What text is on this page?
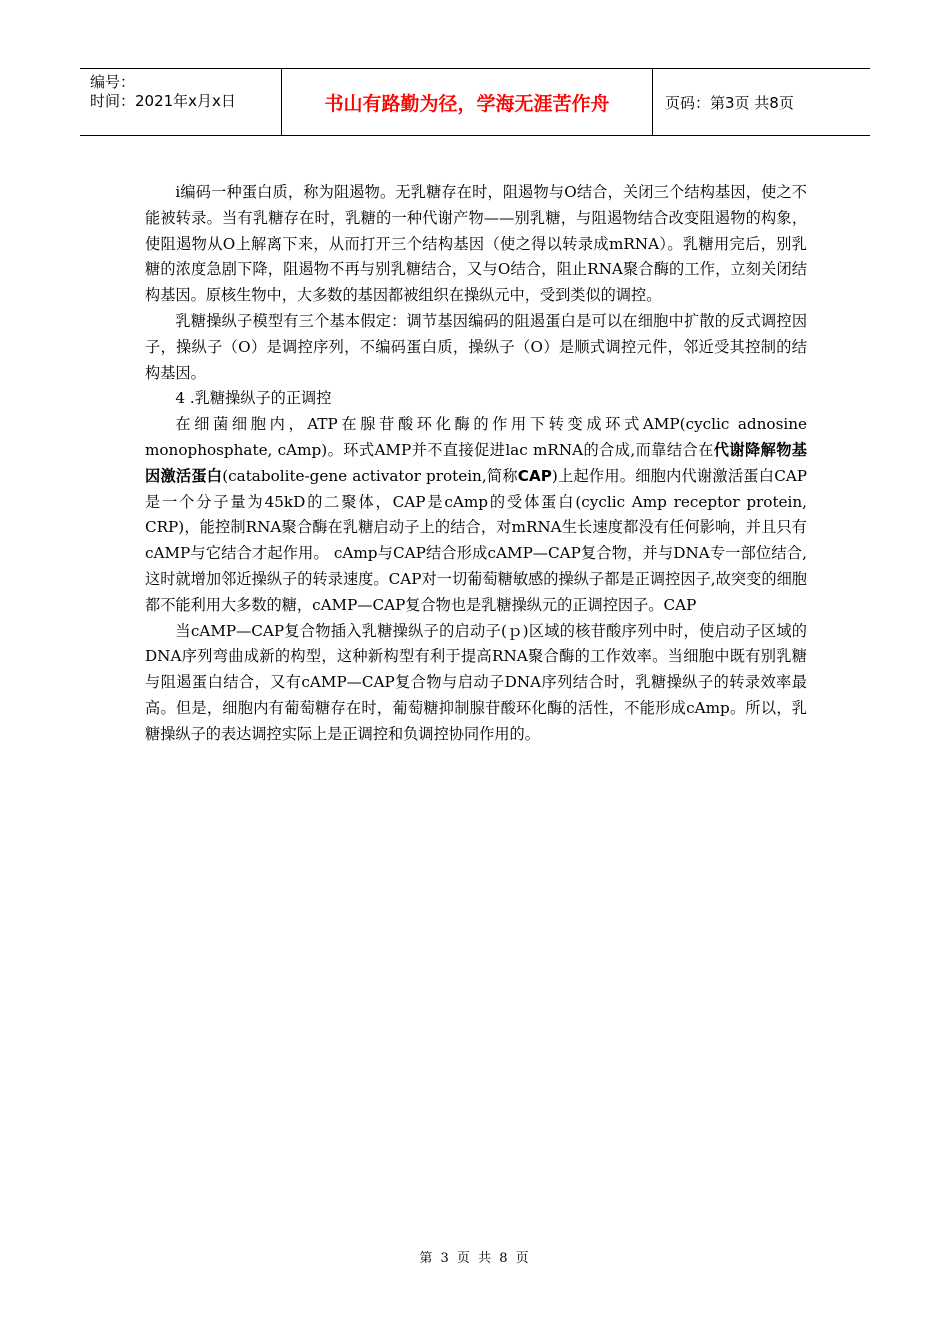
编号：
时间：2021年x月x日	书山有路勤为径，学海无涯苦作舟	页码：第3页 共8页

i编码一种蛋白质，称为阻遏物。无乳糖存在时，阻遏物与O结合，关闭三个结构基因，使之不能被转录。当有乳糖存在时，乳糖的一种代谢产物——别乳糖，与阻遏物结合改变阻遏物的构象，使阻遏物从O上解离下来，从而打开三个结构基因（使之得以转录成mRNA）。乳糖用完后，别乳糖的浓度急剧下降，阻遏物不再与别乳糖结合，又与O结合，阻止RNA聚合酶的工作，立刻关闭结构基因。原核生物中，大多数的基因都被组织在操纵元中，受到类似的调控。

乳糖操纵子模型有三个基本假定：调节基因编码的阻遏蛋白是可以在细胞中扩散的反式调控因子，操纵子（O）是调控序列，不编码蛋白质，操纵子（O）是顺式调控元件，邻近受其控制的结构基因。

4 .乳糖操纵子的正调控

在细菌细胞内，ATP在腺苷酸环化酶的作用下转变成环式AMP(cyclic adnosine monophosphate, cAmp)。环式AMP并不直接促进lac mRNA的合成,而靠结合在代谢降解物基因激活蛋白(catabolite-gene activator protein,简称CAP)上起作用。细胞内代谢激活蛋白CAP是一个分子量为45kD的二聚体，CAP是cAmp的受体蛋白(cyclic Amp receptor protein, CRP)，能控制RNA聚合酶在乳糖启动子上的结合，对mRNA生长速度都没有任何影响，并且只有cAMP与它结合才起作用。 cAmp与CAP结合形成cAMP—CAP复合物，并与DNA专一部位结合,这时就增加邻近操纵子的转录速度。CAP对一切葡萄糖敏感的操纵子都是正调控因子,故突变的细胞都不能利用大多数的糖，cAMP—CAP复合物也是乳糖操纵元的正调控因子。CAP

当cAMP—CAP复合物插入乳糖操纵子的启动子(ｐ)区域的核苷酸序列中时，使启动子区域的DNA序列弯曲成新的构型，这种新构型有利于提高RNA聚合酶的工作效率。当细胞中既有别乳糖与阻遏蛋白结合，又有cAMP—CAP复合物与启动子DNA序列结合时，乳糖操纵子的转录效率最高。但是，细胞内有葡萄糖存在时，葡萄糖抑制腺苷酸环化酶的活性，不能形成cAmp。所以，乳糖操纵子的表达调控实际上是正调控和负调控协同作用的。

第 3 页 共 8 页
